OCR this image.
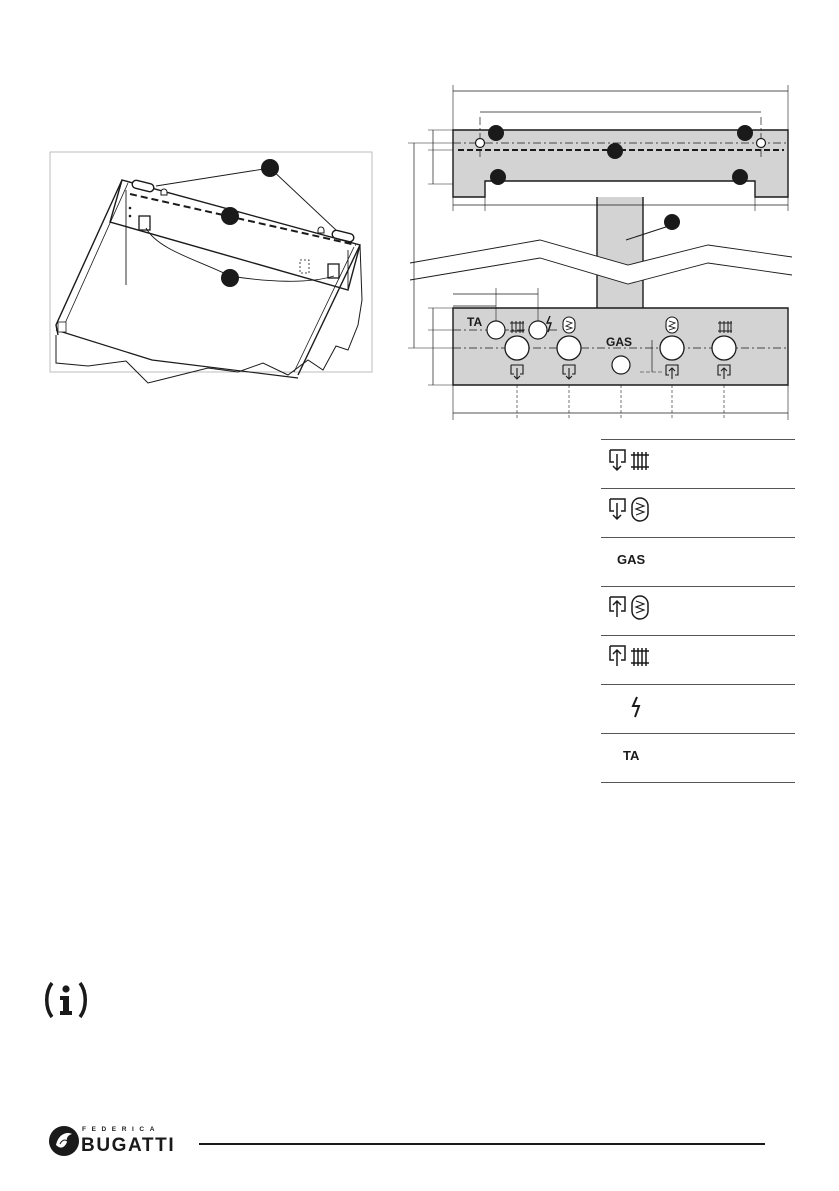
TA
GAS
GAS
TA
FEDERICA
BUGATTI
